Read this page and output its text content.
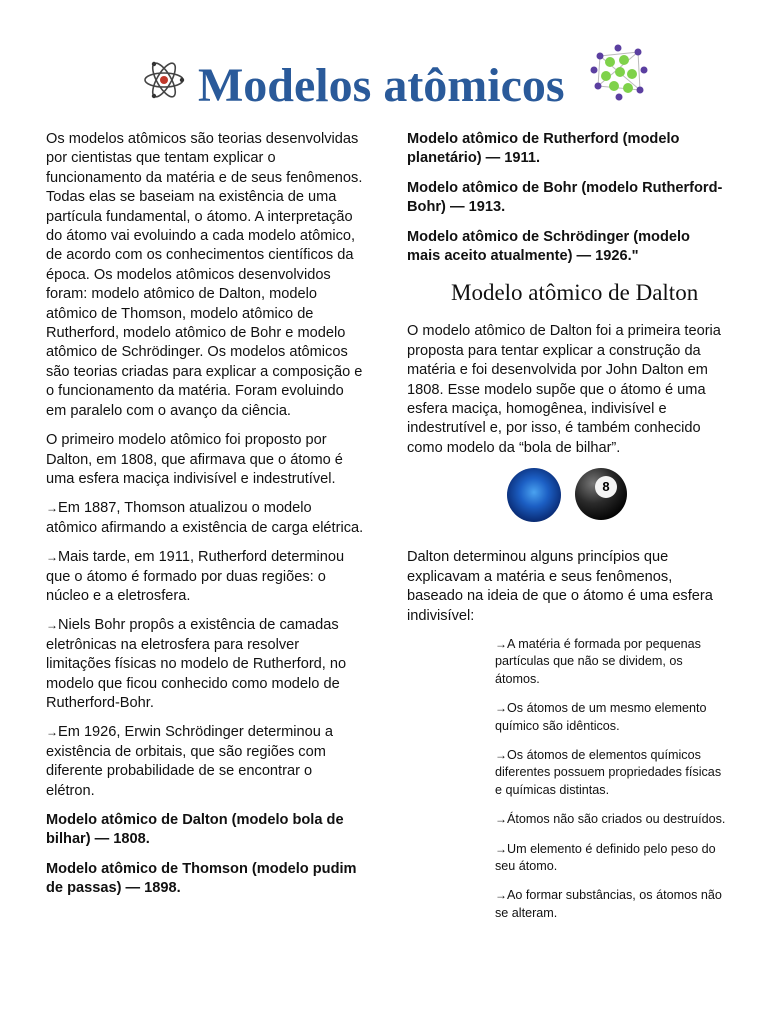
Modelos atômicos

Os modelos atômicos são teorias desenvolvidas por cientistas que tentam explicar o funcionamento da matéria e de seus fenômenos. Todas elas se baseiam na existência de uma partícula fundamental, o átomo. A interpretação do átomo vai evoluindo a cada modelo atômico, de acordo com os conhecimentos científicos da época. Os modelos atômicos desenvolvidos foram: modelo atômico de Dalton, modelo atômico de Thomson, modelo atômico de Rutherford, modelo atômico de Bohr e modelo atômico de Schrödinger. Os modelos atômicos são teorias criadas para explicar a composição e o funcionamento da matéria. Foram evoluindo em paralelo com o avanço da ciência.

O primeiro modelo atômico foi proposto por Dalton, em 1808, que afirmava que o átomo é uma esfera maciça indivisível e indestrutível.

→Em 1887, Thomson atualizou o modelo atômico afirmando a existência de carga elétrica.

→Mais tarde, em 1911, Rutherford determinou que o átomo é formado por duas regiões: o núcleo e a eletrosfera.

→Niels Bohr propôs a existência de camadas eletrônicas na eletrosfera para resolver limitações físicas no modelo de Rutherford, no modelo que ficou conhecido como modelo de Rutherford-Bohr.

→Em 1926, Erwin Schrödinger determinou a existência de orbitais, que são regiões com diferente probabilidade de se encontrar o elétron.

Modelo atômico de Dalton (modelo bola de bilhar) — 1808.

Modelo atômico de Thomson (modelo pudim de passas) — 1898.

Modelo atômico de Rutherford (modelo planetário) — 1911.

Modelo atômico de Bohr (modelo Rutherford-Bohr) — 1913.

Modelo atômico de Schrödinger (modelo mais aceito atualmente) — 1926."

Modelo atômico de Dalton

O modelo atômico de Dalton foi a primeira teoria proposta para tentar explicar a construção da matéria e foi desenvolvida por John Dalton em 1808. Esse modelo supõe que o átomo é uma esfera maciça, homogênea, indivisível e indestrutível e, por isso, é também conhecido como modelo da “bola de bilhar”.

8

Dalton determinou alguns princípios que explicavam a matéria e seus fenômenos, baseado na ideia de que o átomo é uma esfera indivisível:

→A matéria é formada por pequenas partículas que não se dividem, os átomos.

→Os átomos de um mesmo elemento químico são idênticos.

→Os átomos de elementos químicos diferentes possuem propriedades físicas e químicas distintas.

→Átomos não são criados ou destruídos.

→Um elemento é definido pelo peso do seu átomo.

→Ao formar substâncias, os átomos não se alteram.
